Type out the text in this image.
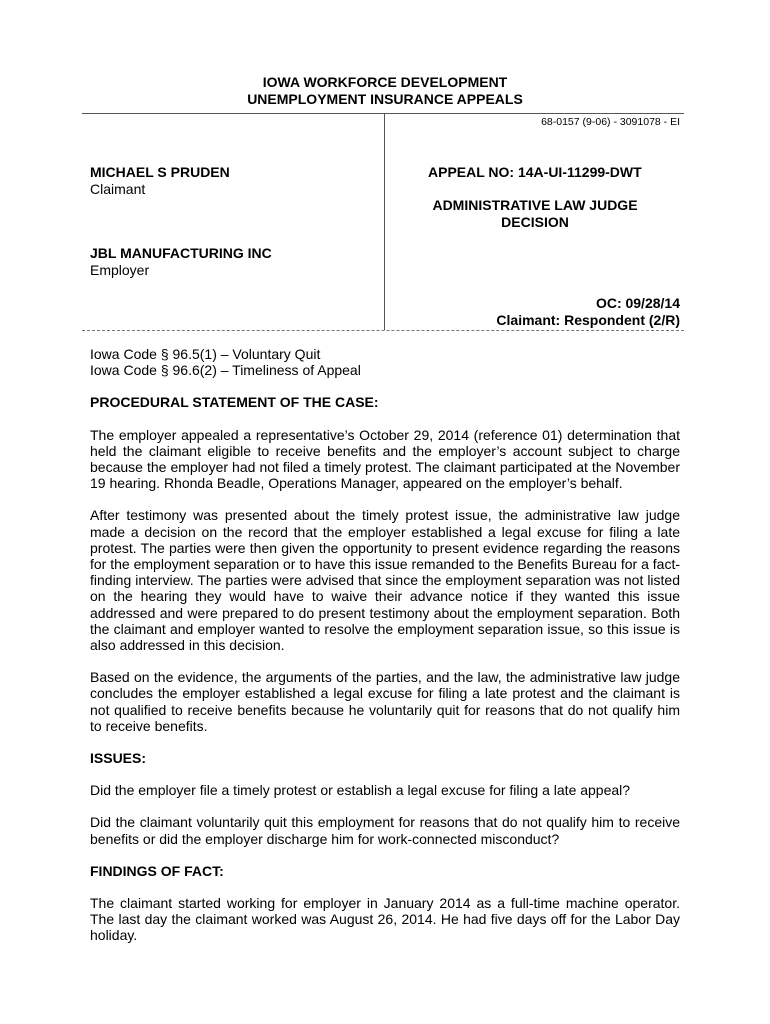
IOWA WORKFORCE DEVELOPMENT
UNEMPLOYMENT INSURANCE APPEALS
68-0157 (9-06) - 3091078 - EI
MICHAEL S PRUDEN
Claimant
JBL MANUFACTURING INC
Employer
APPEAL NO: 14A-UI-11299-DWT
ADMINISTRATIVE LAW JUDGE
DECISION
OC: 09/28/14
Claimant: Respondent (2/R)
Iowa Code § 96.5(1) – Voluntary Quit
Iowa Code § 96.6(2) – Timeliness of Appeal
PROCEDURAL STATEMENT OF THE CASE:

The employer appealed a representative’s October 29, 2014 (reference 01) determination that held the claimant eligible to receive benefits and the employer’s account subject to charge because the employer had not filed a timely protest. The claimant participated at the November 19 hearing. Rhonda Beadle, Operations Manager, appeared on the employer’s behalf.

After testimony was presented about the timely protest issue, the administrative law judge made a decision on the record that the employer established a legal excuse for filing a late protest. The parties were then given the opportunity to present evidence regarding the reasons for the employment separation or to have this issue remanded to the Benefits Bureau for a fact-finding interview. The parties were advised that since the employment separation was not listed on the hearing they would have to waive their advance notice if they wanted this issue addressed and were prepared to do present testimony about the employment separation. Both the claimant and employer wanted to resolve the employment separation issue, so this issue is also addressed in this decision.

Based on the evidence, the arguments of the parties, and the law, the administrative law judge concludes the employer established a legal excuse for filing a late protest and the claimant is not qualified to receive benefits because he voluntarily quit for reasons that do not qualify him to receive benefits.

ISSUES:

Did the employer file a timely protest or establish a legal excuse for filing a late appeal?

Did the claimant voluntarily quit this employment for reasons that do not qualify him to receive benefits or did the employer discharge him for work-connected misconduct?

FINDINGS OF FACT:

The claimant started working for employer in January 2014 as a full-time machine operator. The last day the claimant worked was August 26, 2014. He had five days off for the Labor Day holiday.
